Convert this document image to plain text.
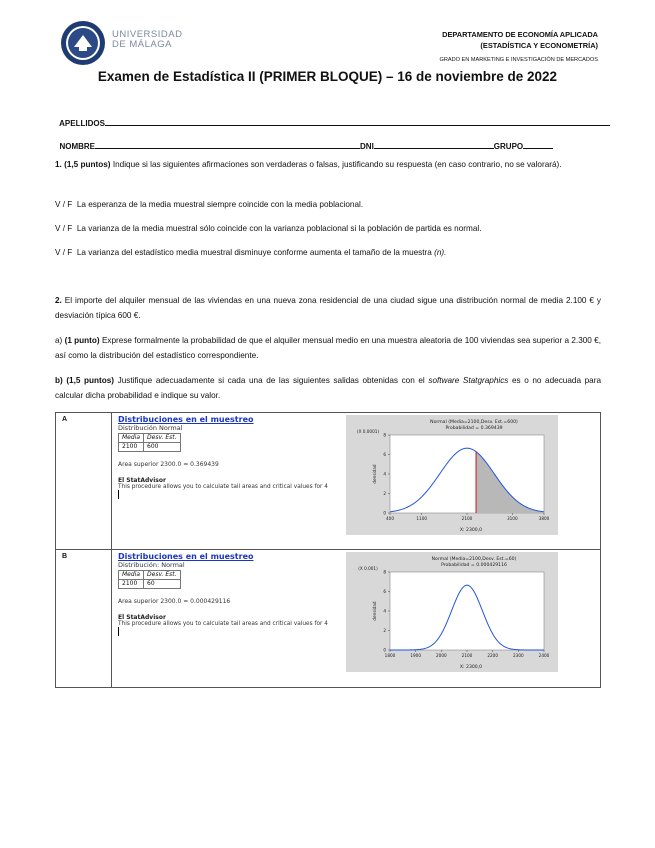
UNIVERSIDAD
DE MÁLAGA
DEPARTAMENTO DE ECONOMÍA APLICADA
(ESTADÍSTICA Y ECONOMETRÍA)
GRADO EN MARKETING E INVESTIGACIÓN DE MERCADOS
Examen de Estadística II (PRIMER BLOQUE) – 16 de noviembre de 2022

APELLIDOS

NOMBRE	DNI	GRUPO

1. (1,5 puntos) Indique si las siguientes afirmaciones son verdaderas o falsas, justificando su respuesta (en caso contrario, no se valorará).
V / F La esperanza de la media muestral siempre coincide con la media poblacional.
V / F La varianza de la media muestral sólo coincide con la varianza poblacional si la población de partida es normal.
V / F La varianza del estadístico media muestral disminuye conforme aumenta el tamaño de la muestra (n).
2. El importe del alquiler mensual de las viviendas en una nueva zona residencial de una ciudad sigue una distribución normal de media 2.100 € y desviación típica 600 €.
a) (1 punto) Exprese formalmente la probabilidad de que el alquiler mensual medio en una muestra aleatoria de 100 viviendas sea superior a 2.300 €, así como la distribución del estadístico correspondiente.
b) (1,5 puntos) Justifique adecuadamente si cada una de las siguientes salidas obtenidas con el software Statgraphics es o no adecuada para calcular dicha probabilidad e indique su valor.
A	Distribuciones en el muestreo
Distribución Normal
Media	Desv. Est.
2100	600
Area superior 2300.0 = 0.369439
El StatAdvisor
This procedure allows you to calculate tail areas and critical values for 4
Normal (Media=2100,Desv. Est.=600)
Probabilidad = 0.369439
(X 0.0001)
densidad
X: 2300,0
400	1100	2100	3100	3800
8
6
4
2
0

B	Distribuciones en el muestreo
Distribución: Normal
Media	Desv. Est.
2100	60
Area superior 2300.0 = 0.000429116
El StatAdvisor
This procedure allows you to calculate tail areas and critical values for 4
Normal (Media=2100,Desv. Est.=60)
Probabilidad = 0.000429116
(X 0.001)
densidad
X: 2300,0
1800	1900	2000	2100	2200	2300	2400
8
6
4
2
0
